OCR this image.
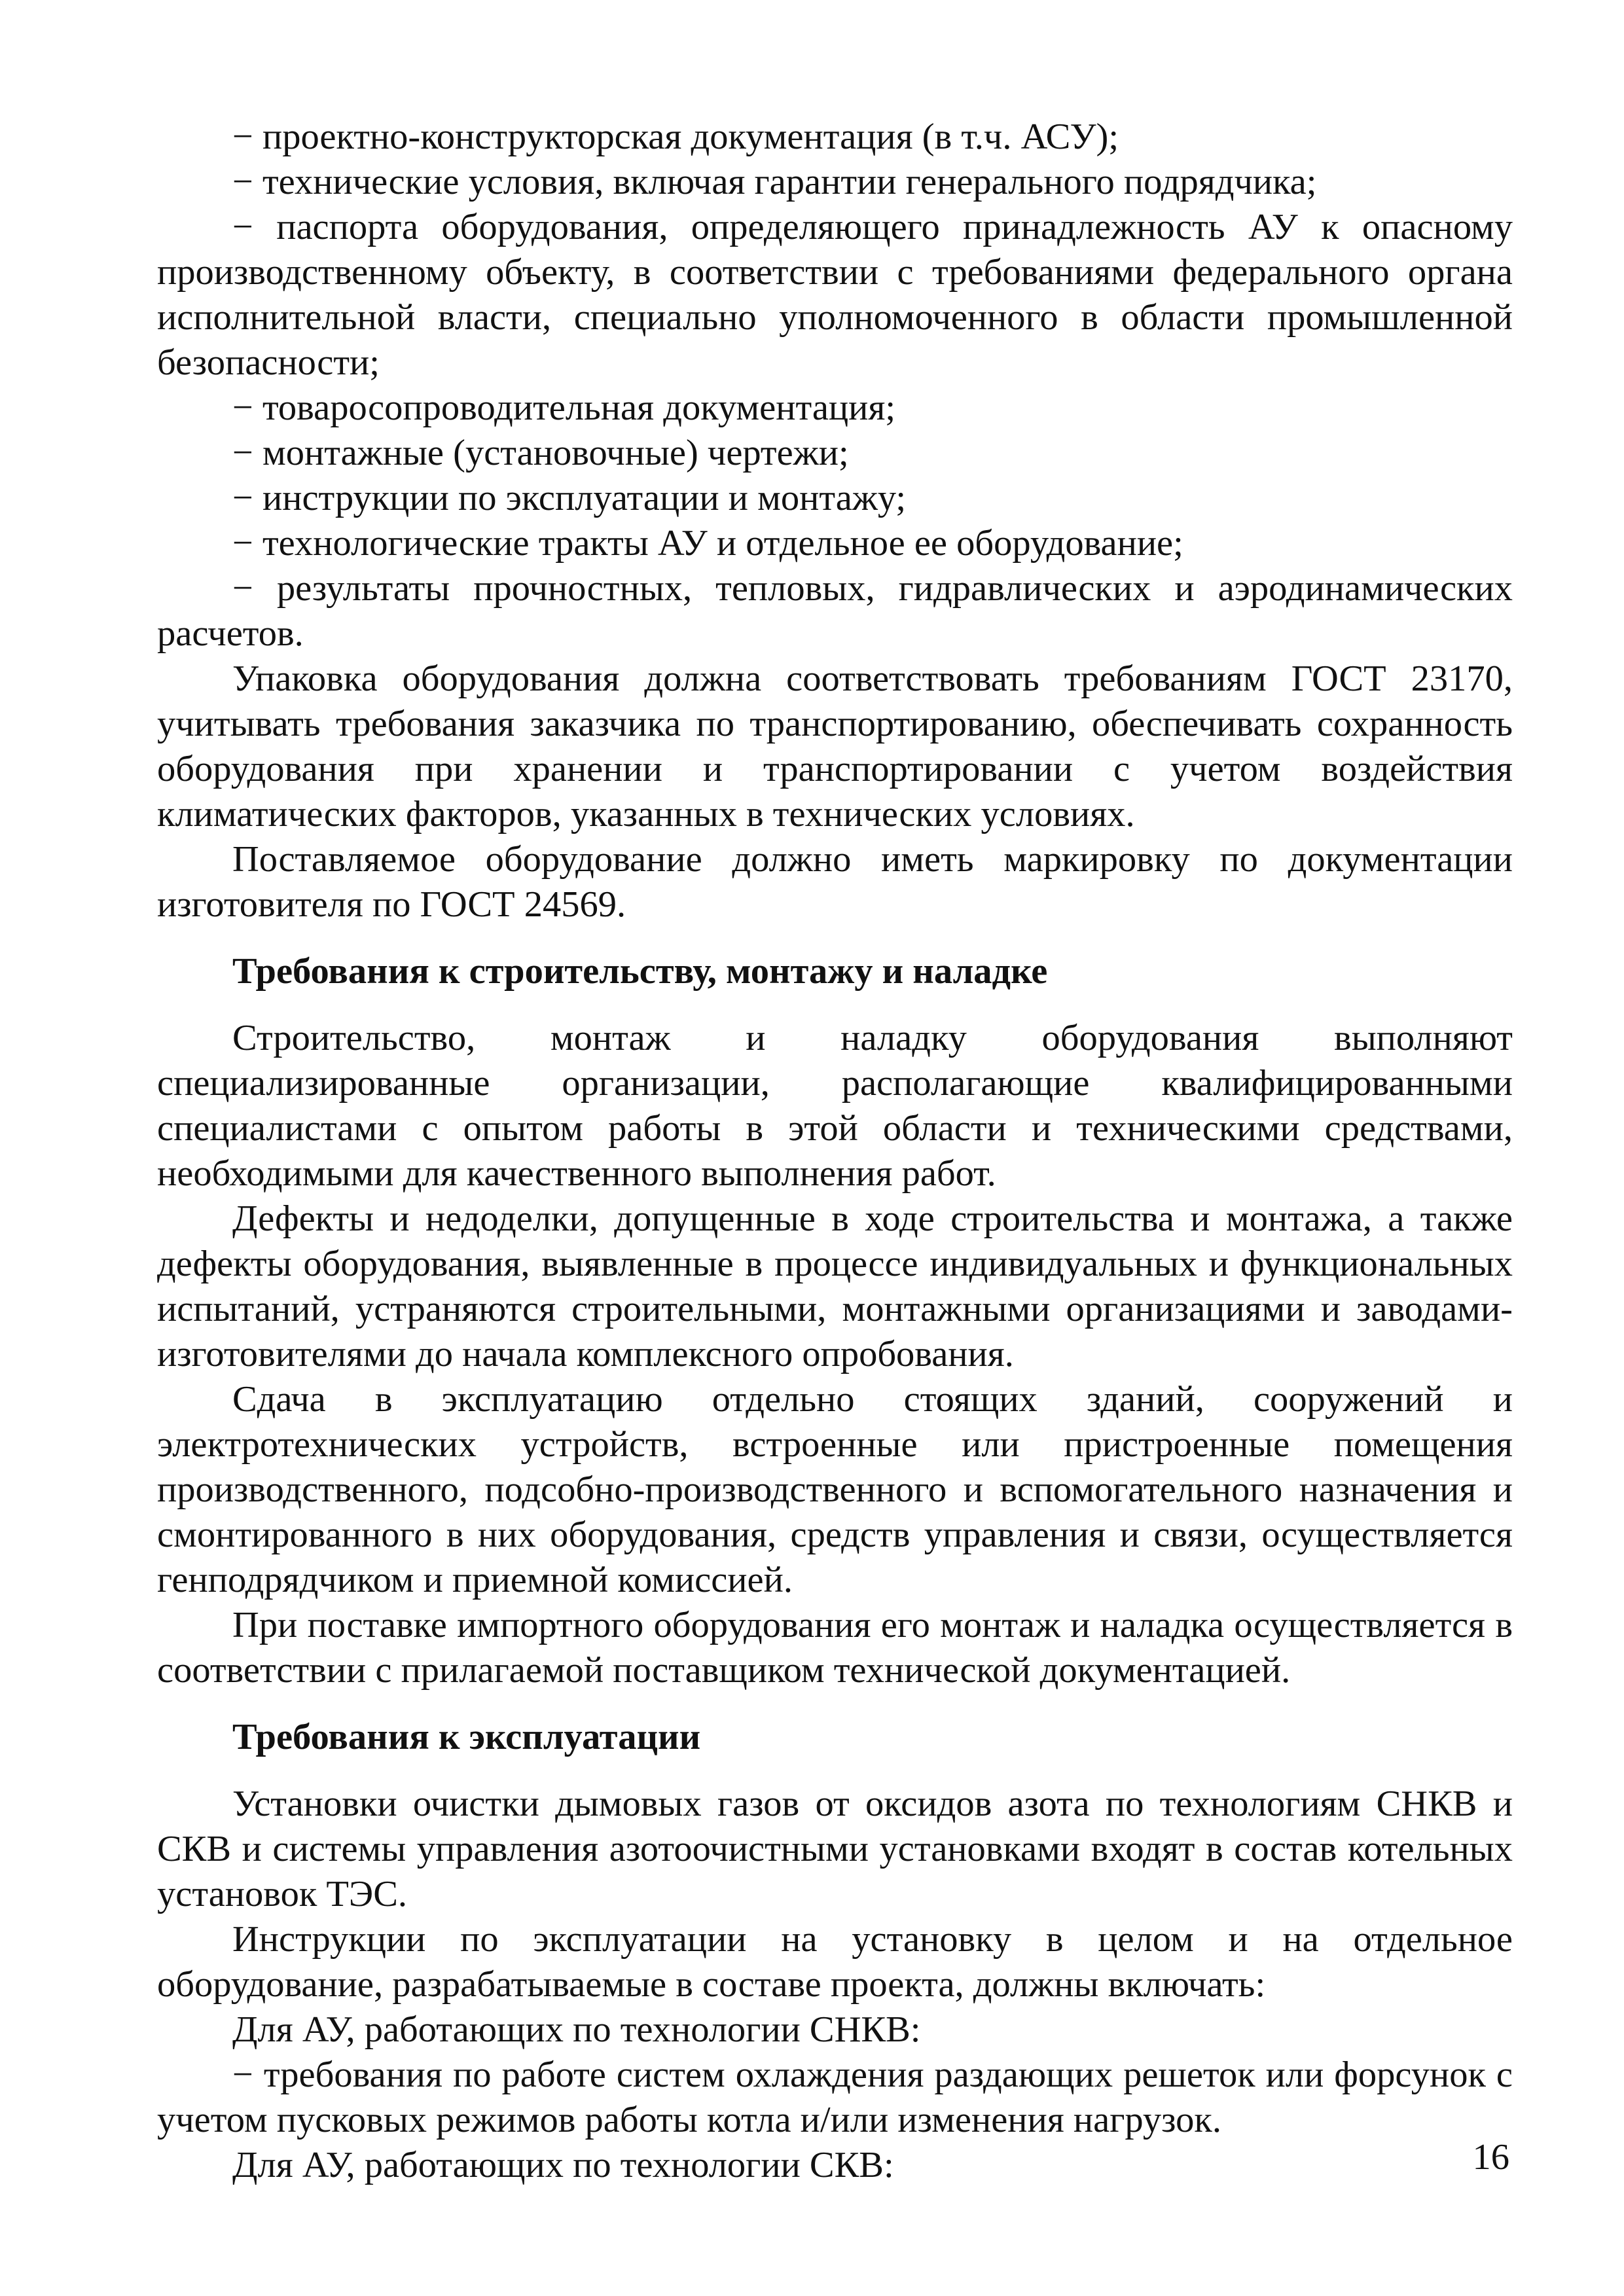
− проектно-конструкторская документация (в т.ч. АСУ);

− технические условия, включая гарантии генерального подрядчика;

− паспорта оборудования, определяющего принадлежность АУ к опасному производственному объекту, в соответствии с требованиями федерального органа исполнительной власти, специально уполномоченного в области промышленной безопасности;

− товаросопроводительная документация;

− монтажные (установочные) чертежи;

− инструкции по эксплуатации и монтажу;

− технологические тракты АУ и отдельное ее оборудование;

− результаты прочностных, тепловых, гидравлических и аэродинамических расчетов.

Упаковка оборудования должна соответствовать требованиям ГОСТ 23170, учитывать требования заказчика по транспортированию, обеспечивать сохранность оборудования при хранении и транспортировании с учетом воздействия климатических факторов, указанных в технических условиях.

Поставляемое оборудование должно иметь маркировку по документации изготовителя по ГОСТ 24569.

Требования к строительству, монтажу и наладке

Строительство, монтаж и наладку оборудования выполняют специализированные организации, располагающие квалифицированными специалистами с опытом работы в этой области и техническими средствами, необходимыми для качественного выполнения работ.

Дефекты и недоделки, допущенные в ходе строительства и монтажа, а также дефекты оборудования, выявленные в процессе индивидуальных и функциональных испытаний, устраняются строительными, монтажными организациями и заводами-изготовителями до начала комплексного опробования.

Сдача в эксплуатацию отдельно стоящих зданий, сооружений и электротехнических устройств, встроенные или пристроенные помещения производственного, подсобно-производственного и вспомогательного назначения и смонтированного в них оборудования, средств управления и связи, осуществляется генподрядчиком и приемной комиссией.

При поставке импортного оборудования его монтаж и наладка осуществляется в соответствии с прилагаемой поставщиком технической документацией.

Требования к эксплуатации

Установки очистки дымовых газов от оксидов азота по технологиям СНКВ и СКВ и системы управления азотоочистными установками входят в состав котельных установок ТЭС.

Инструкции по эксплуатации на установку в целом и на отдельное оборудование, разрабатываемые в составе проекта, должны включать:

Для АУ, работающих по технологии СНКВ:

− требования по работе систем охлаждения раздающих решеток или форсунок с учетом пусковых режимов работы котла и/или изменения нагрузок.

Для АУ, работающих по технологии СКВ:	16
